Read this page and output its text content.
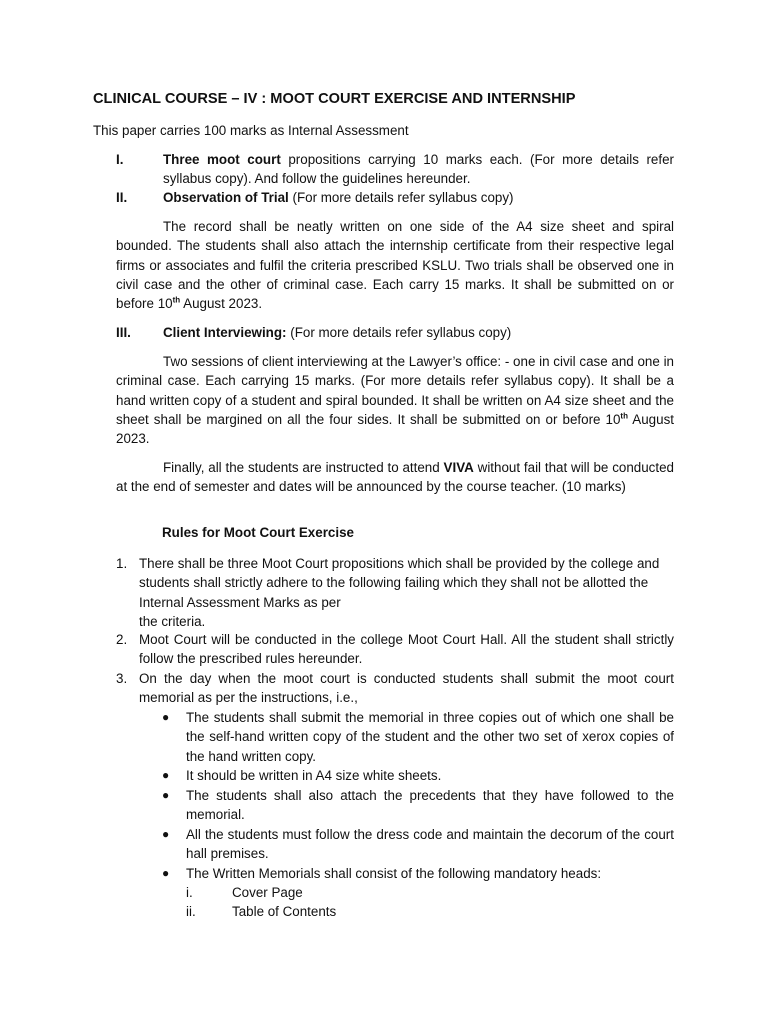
CLINICAL COURSE – IV : MOOT COURT EXERCISE AND INTERNSHIP
This paper carries 100 marks as Internal Assessment
I.	Three moot court propositions carrying 10 marks each. (For more details refer syllabus copy). And follow the guidelines hereunder.
II.	Observation of Trial (For more details refer syllabus copy)
The record shall be neatly written on one side of the A4 size sheet and spiral bounded. The students shall also attach the internship certificate from their respective legal firms or associates and fulfil the criteria prescribed KSLU. Two trials shall be observed one in civil case and the other of criminal case. Each carry 15 marks. It shall be submitted on or before 10th August 2023.
III. Client Interviewing: (For more details refer syllabus copy)
Two sessions of client interviewing at the Lawyer’s office: - one in civil case and one in criminal case. Each carrying 15 marks. (For more details refer syllabus copy). It shall be a hand written copy of a student and spiral bounded. It shall be written on A4 size sheet and the sheet shall be margined on all the four sides. It shall be submitted on or before 10th August 2023.
Finally, all the students are instructed to attend VIVA without fail that will be conducted at the end of semester and dates will be announced by the course teacher. (10 marks)
Rules for Moot Court Exercise
1. There shall be three Moot Court propositions which shall be provided by the college and students shall strictly adhere to the following failing which they shall not be allotted the Internal Assessment Marks as per
the criteria.
2. Moot Court will be conducted in the college Moot Court Hall. All the student shall strictly follow the prescribed rules hereunder.
3. On the day when the moot court is conducted students shall submit the moot court memorial as per the instructions, i.e.,
● The students shall submit the memorial in three copies out of which one shall be the self-hand written copy of the student and the other two set of xerox copies of the hand written copy.
● It should be written in A4 size white sheets.
● The students shall also attach the precedents that they have followed to the memorial.
● All the students must follow the dress code and maintain the decorum of the court hall premises.
● The Written Memorials shall consist of the following mandatory heads:
i.	Cover Page
ii.	Table of Contents
